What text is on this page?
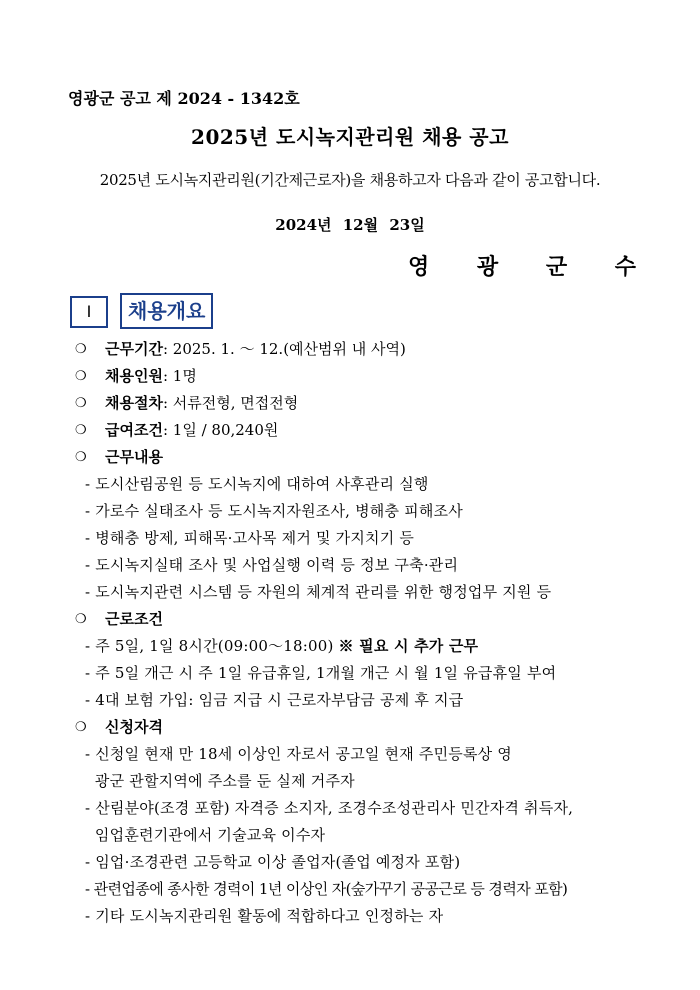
영광군 공고 제 2024 - 1342호
2025년 도시녹지관리원 채용 공고
2025년 도시녹지관리원(기간제근로자)을 채용하고자 다음과 같이 공고합니다.
2024년 12월 23일
영 광 군 수
Ⅰ	채용개요
❍ 근무기간: 2025. 1. ～ 12.(예산범위 내 사역)
❍ 채용인원: 1명
❍ 채용절차: 서류전형, 면접전형
❍ 급여조건: 1일 / 80,240원
❍ 근무내용
- 도시산림공원 등 도시녹지에 대하여 사후관리 실행
- 가로수 실태조사 등 도시녹지자원조사, 병해충 피해조사
- 병해충 방제, 피해목·고사목 제거 및 가지치기 등
- 도시녹지실태 조사 및 사업실행 이력 등 정보 구축·관리
- 도시녹지관련 시스템 등 자원의 체계적 관리를 위한 행정업무 지원 등
❍ 근로조건
- 주 5일, 1일 8시간(09:00～18:00) ※ 필요 시 추가 근무
- 주 5일 개근 시 주 1일 유급휴일, 1개월 개근 시 월 1일 유급휴일 부여
- 4대 보험 가입: 임금 지급 시 근로자부담금 공제 후 지급
❍ 신청자격
- 신청일 현재 만 18세 이상인 자로서 공고일 현재 주민등록상 영
광군 관할지역에 주소를 둔 실제 거주자
- 산림분야(조경 포함) 자격증 소지자, 조경수조성관리사 민간자격 취득자,
임업훈련기관에서 기술교육 이수자
- 임업·조경관련 고등학교 이상 졸업자(졸업 예정자 포함)
- 관련업종에 종사한 경력이 1년 이상인 자(숲가꾸기 공공근로 등 경력자 포함)
- 기타 도시녹지관리원 활동에 적합하다고 인정하는 자
